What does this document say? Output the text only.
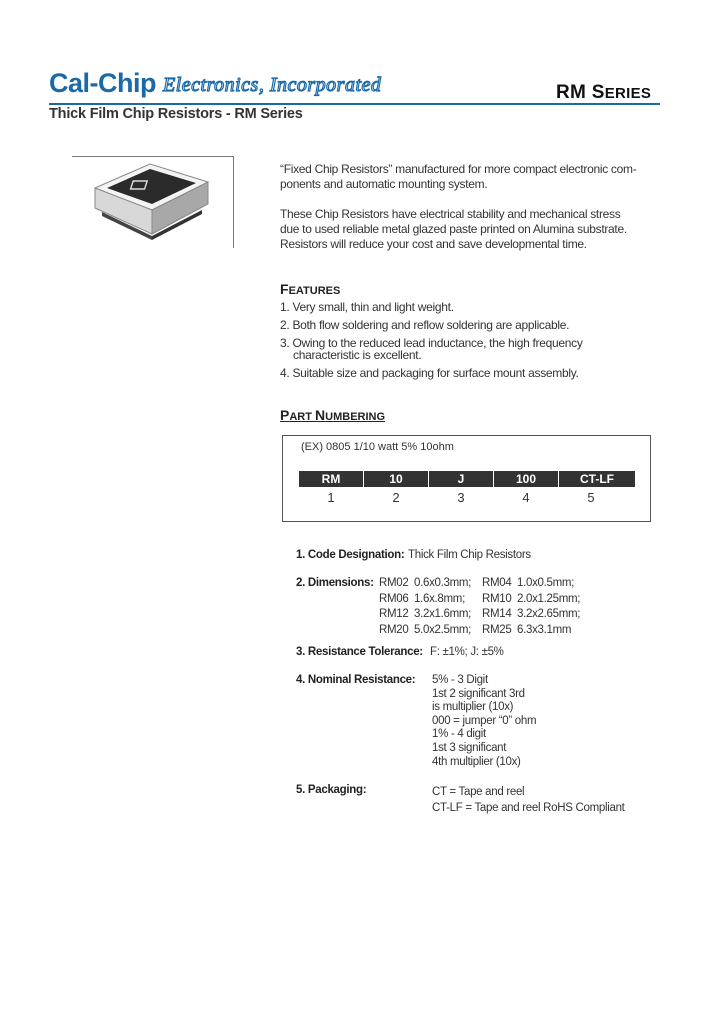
Cal-Chip Electronics, Incorporated	RM SERIES
Thick Film Chip Resistors - RM Series
“Fixed Chip Resistors” manufactured for more compact electronic com-
ponents and automatic mounting system.
These Chip Resistors have electrical stability and mechanical stress
due to used reliable metal glazed paste printed on Alumina substrate.
Resistors will reduce your cost and save developmental time.
FEATURES
1. Very small, thin and light weight.
2. Both flow soldering and reflow soldering are applicable.
3. Owing to the reduced lead inductance, the high frequency
characteristic is excellent.
4. Suitable size and packaging for surface mount assembly.
PART NUMBERING
(EX) 0805 1/10 watt 5% 10ohm
RM	10	J	100	CT-LF
1	2	3	4	5
1. Code Designation: Thick Film Chip Resistors
2. Dimensions: RM02 0.6x0.3mm; RM04 1.0x0.5mm;
RM06 1.6x.8mm; RM10 2.0x1.25mm;
RM12 3.2x1.6mm; RM14 3.2x2.65mm;
RM20 5.0x2.5mm; RM25 6.3x3.1mm
3. Resistance Tolerance: F: ±1%; J: ±5%
4. Nominal Resistance: 5% - 3 Digit
1st 2 significant 3rd
is multiplier (10x)
000 = jumper “0” ohm
1% - 4 digit
1st 3 significant
4th multiplier (10x)
5. Packaging:	CT = Tape and reel
CT-LF = Tape and reel RoHS Compliant
